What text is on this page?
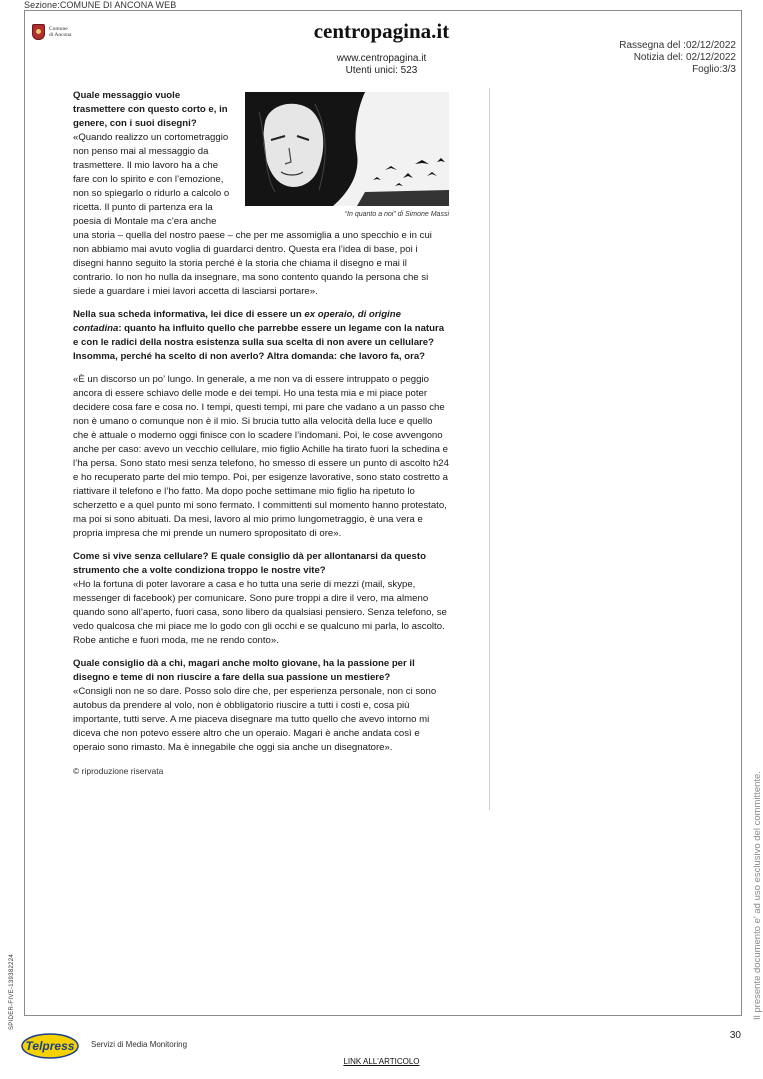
Sezione:COMUNE DI ANCONA WEB
Comune
di Ancona	centropagina.it
www.centropagina.it
Utenti unici: 523
Rassegna del :02/12/2022
Notizia del: 02/12/2022
Foglio:3/3
“In quanto a noi” di Simone Massi

Quale messaggio vuole trasmettere con questo corto e, in genere, con i suoi disegni?

«Quando realizzo un cortometraggio non penso mai al messaggio da trasmettere. Il mio lavoro ha a che fare con lo spirito e con l’emozione, non so spiegarlo o ridurlo a calcolo o ricetta. Il punto di partenza era la poesia di Montale ma c’era anche una storia – quella del nostro paese – che per me assomiglia a uno specchio e in cui non abbiamo mai avuto voglia di guardarci dentro. Questa era l’idea di base, poi i disegni hanno seguito la storia perché è la storia che chiama il disegno e mai il contrario. Io non ho nulla da insegnare, ma sono contento quando la persona che si siede a guardare i miei lavori accetta di lasciarsi portare».

Nella sua scheda informativa, lei dice di essere un ex operaio, di origine contadina: quanto ha influito quello che parrebbe essere un legame con la natura e con le radici della nostra esistenza sulla sua scelta di non avere un cellulare? Insomma, perché ha scelto di non averlo? Altra domanda: che lavoro fa, ora?

«È un discorso un po’ lungo. In generale, a me non va di essere intruppato o peggio ancora di essere schiavo delle mode e dei tempi. Ho una testa mia e mi piace poter decidere cosa fare e cosa no. I tempi, questi tempi, mi pare che vadano a un passo che non è umano o comunque non è il mio. Si brucia tutto alla velocità della luce e quello che è attuale o moderno oggi finisce con lo scadere l’indomani. Poi, le cose avvengono anche per caso: avevo un vecchio cellulare, mio figlio Achille ha tirato fuori la schedina e l’ha persa. Sono stato mesi senza telefono, ho smesso di essere un punto di ascolto h24 e ho recuperato parte del mio tempo. Poi, per esigenze lavorative, sono stato costretto a riattivare il telefono e l’ho fatto. Ma dopo poche settimane mio figlio ha ripetuto lo scherzetto e a quel punto mi sono fermato. I committenti sul momento hanno protestato, ma poi si sono abituati. Da mesi, lavoro al mio primo lungometraggio, è una vera e propria impresa che mi prende un numero spropositato di ore».

Come si vive senza cellulare? E quale consiglio dà per allontanarsi da questo strumento che a volte condiziona troppo le nostre vite?

«Ho la fortuna di poter lavorare a casa e ho tutta una serie di mezzi (mail, skype, messenger di facebook) per comunicare. Sono pure troppi a dire il vero, ma almeno quando sono all’aperto, fuori casa, sono libero da qualsiasi pensiero. Senza telefono, se vedo qualcosa che mi piace me lo godo con gli occhi e se qualcuno mi parla, lo ascolto. Robe antiche e fuori moda, me ne rendo conto».

Quale consiglio dà a chi, magari anche molto giovane, ha la passione per il disegno e teme di non riuscire a fare della sua passione un mestiere?

«Consigli non ne so dare. Posso solo dire che, per esperienza personale, non ci sono autobus da prendere al volo, non è obbligatorio riuscire a tutti i costi e, cosa più importante, tutti serve. A me piaceva disegnare ma tutto quello che avevo intorno mi diceva che non potevo essere altro che un operaio. Magari è anche andata così e operaio sono rimasto. Ma è innegabile che oggi sia anche un disegnatore».

© riproduzione riservata
Il presente documento e' ad uso esclusivo del committente.
SPIDER-FIVE-139382224
30
Telpress Servizi di Media Monitoring
LINK ALL'ARTICOLO
